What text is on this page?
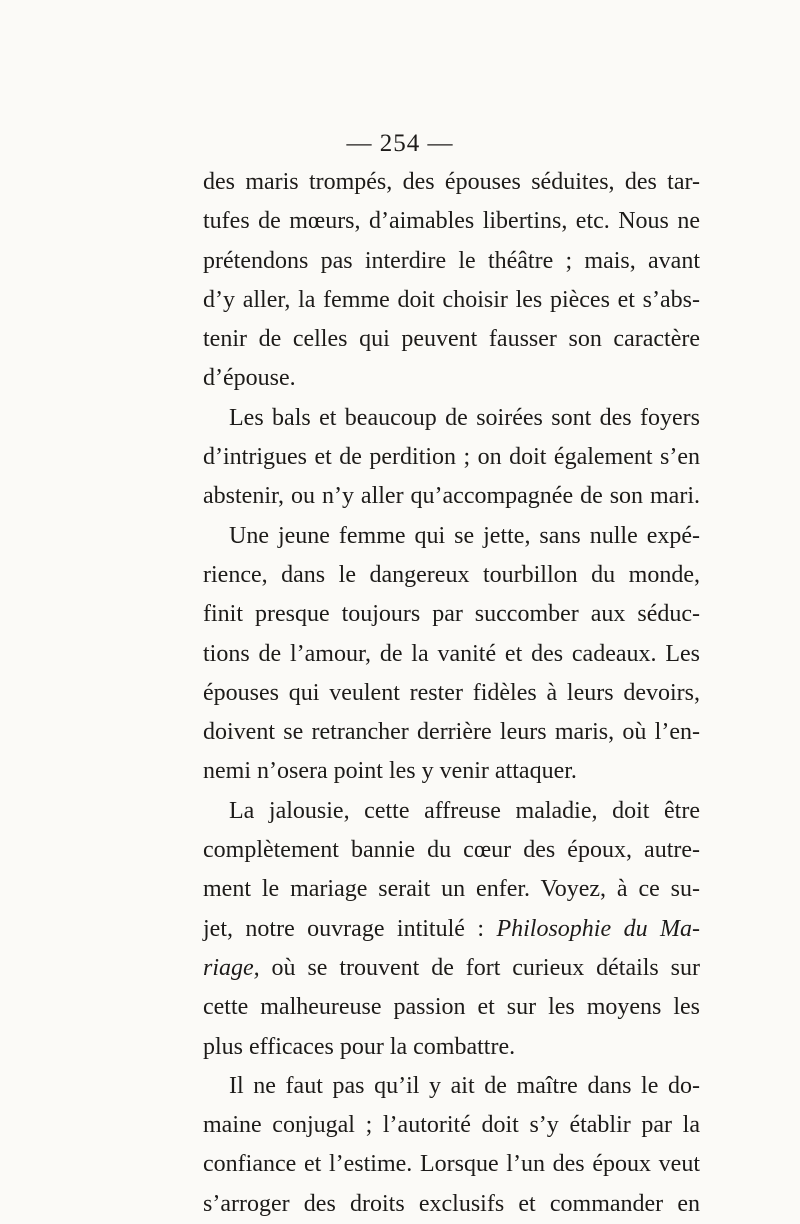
— 254 —
des maris trompés, des épouses séduites, des tar-
tufes de mœurs, d’aimables libertins, etc. Nous ne
prétendons pas interdire le théâtre ; mais, avant
d’y aller, la femme doit choisir les pièces et s’abs-
tenir de celles qui peuvent fausser son caractère
d’épouse.
Les bals et beaucoup de soirées sont des foyers
d’intrigues et de perdition ; on doit également s’en
abstenir, ou n’y aller qu’accompagnée de son mari.
Une jeune femme qui se jette, sans nulle expé-
rience, dans le dangereux tourbillon du monde,
finit presque toujours par succomber aux séduc-
tions de l’amour, de la vanité et des cadeaux. Les
épouses qui veulent rester fidèles à leurs devoirs,
doivent se retrancher derrière leurs maris, où l’en-
nemi n’osera point les y venir attaquer.
La jalousie, cette affreuse maladie, doit être
complètement bannie du cœur des époux, autre-
ment le mariage serait un enfer. Voyez, à ce su-
jet, notre ouvrage intitulé : Philosophie du Ma-
riage, où se trouvent de fort curieux détails sur
cette malheureuse passion et sur les moyens les
plus efficaces pour la combattre.
Il ne faut pas qu’il y ait de maître dans le do-
maine conjugal ; l’autorité doit s’y établir par la
confiance et l’estime. Lorsque l’un des époux veut
s’arroger des droits exclusifs et commander en
